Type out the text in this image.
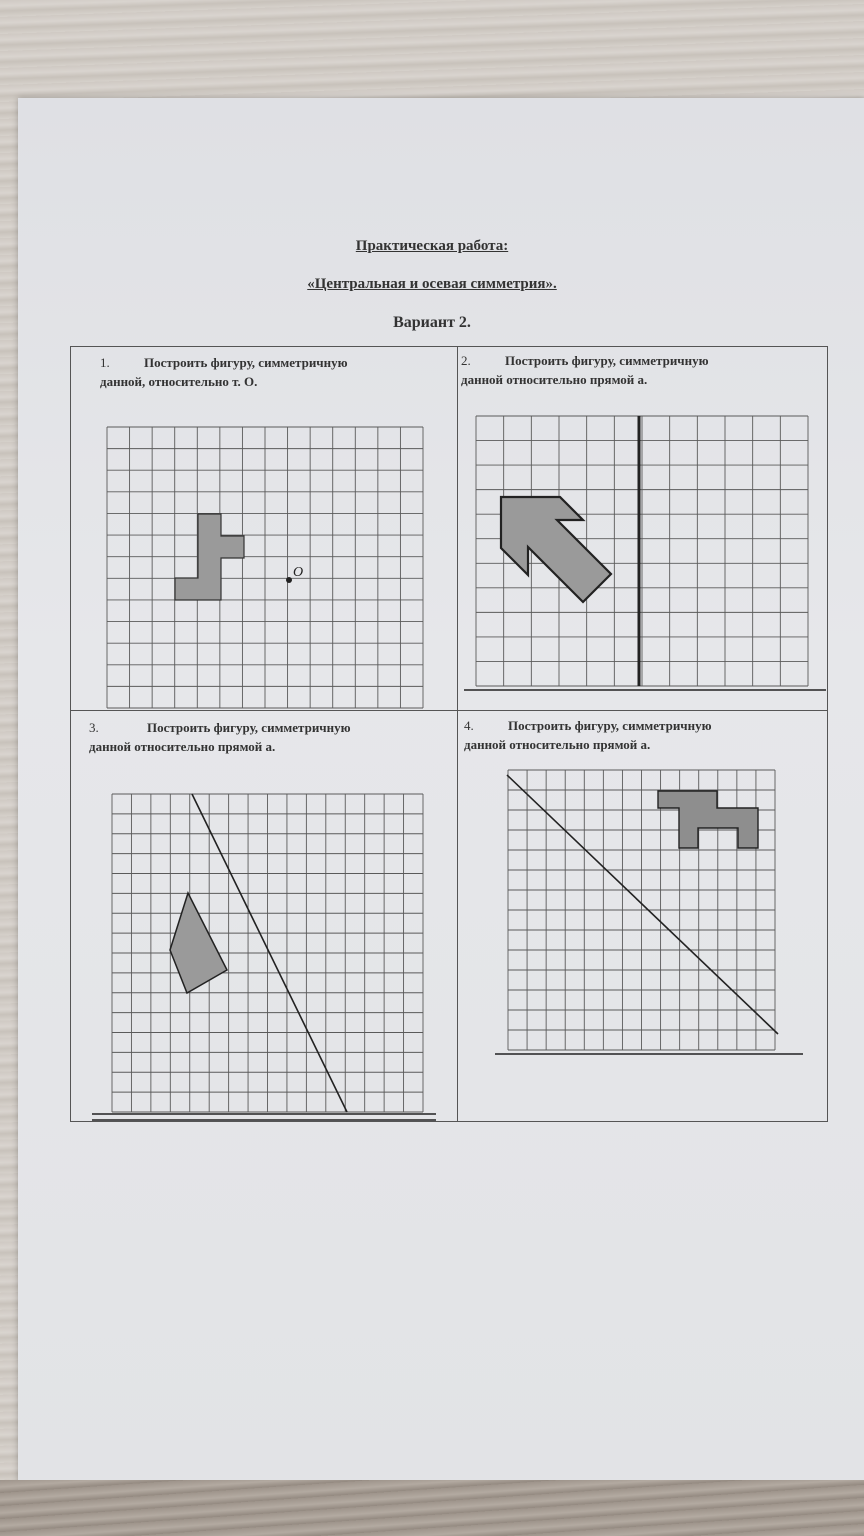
Практическая работа:
«Центральная и осевая симметрия».
Вариант 2.
1.	Построить фигуру, симметричную
данной, относительно т. О.
2.	Построить фигуру, симметричную
данной относительно прямой а.
3.	Построить фигуру, симметричную
данной относительно прямой а.
4.	Построить фигуру, симметричную
данной относительно прямой а.
O
